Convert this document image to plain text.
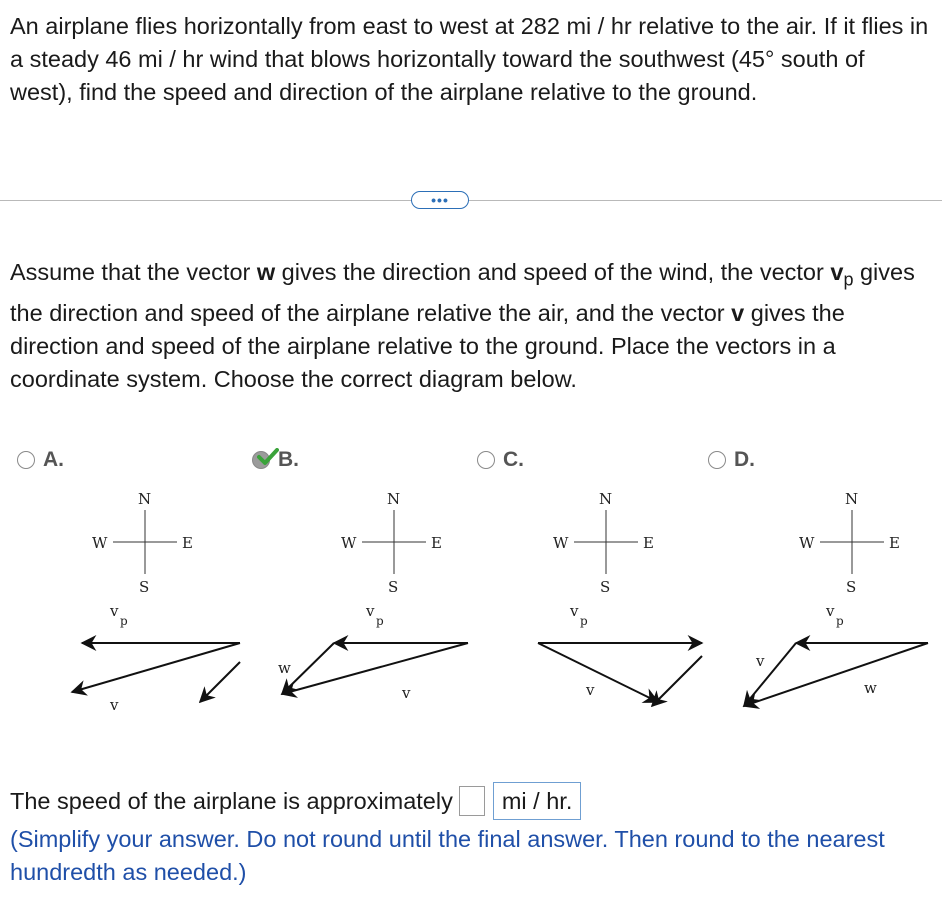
An airplane flies horizontally from east to west at 282 mi / hr relative to the air. If it flies in a steady 46 mi / hr wind that blows horizontally toward the southwest (45° south of west), find the speed and direction of the airplane relative to the ground.

•••

Assume that the vector w gives the direction and speed of the wind, the vector $v_p$ gives the direction and speed of the airplane relative the air, and the vector v gives the direction and speed of the airplane relative to the ground. Place the vectors in a coordinate system. Choose the correct diagram below.

A.	B.	C.	D.
N
S
E
W
v
p
v
N
S
E
W
v
p
w
v
N
S
E
W
v
p
v
N
S
E
W
v
p
v
w
The speed of the airplane is approximately	mi / hr.
(Simplify your answer. Do not round until the final answer. Then round to the nearest hundredth as needed.)
